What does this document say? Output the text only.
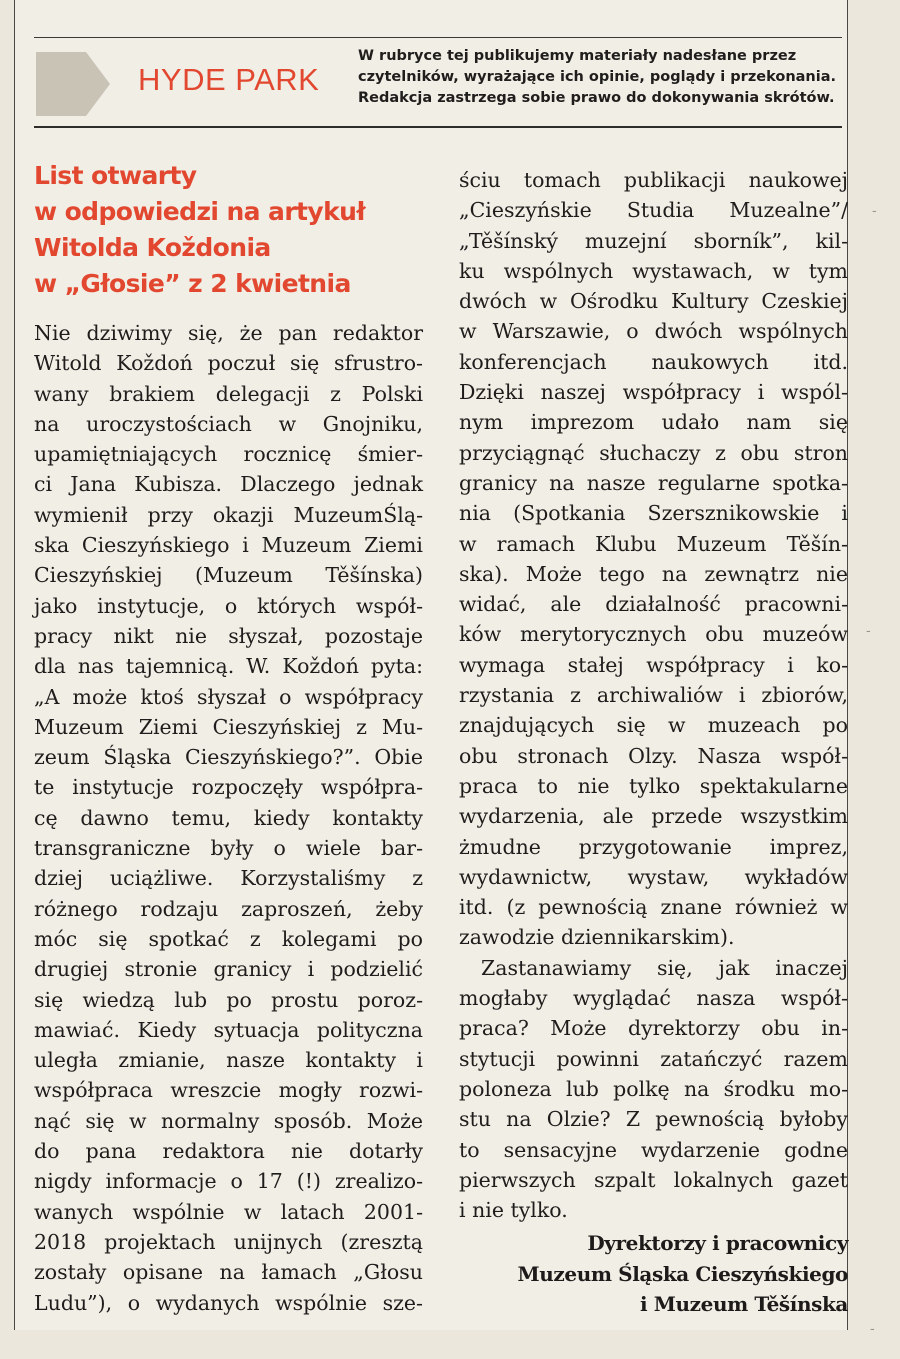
HYDE PARK
W rubryce tej publikujemy materiały nadesłane przez
czytelników, wyrażające ich opinie, poglądy i przekonania.
Redakcja zastrzega sobie prawo do dokonywania skrótów.
List otwarty
w odpowiedzi na artykuł
Witolda Koždonia
w „Głosie” z 2 kwietnia
Nie dziwimy się, że pan redaktor
Witold Koždoń poczuł się sfrustro-
wany brakiem delegacji z Polski
na uroczystościach w Gnojniku,
upamiętniających rocznicę śmier-
ci Jana Kubisza. Dlaczego jednak
wymienił przy okazji MuzeumŚlą-
ska Cieszyńskiego i Muzeum Ziemi
Cieszyńskiej (Muzeum Těšínska)
jako instytucje, o których współ-
pracy nikt nie słyszał, pozostaje
dla nas tajemnicą. W. Koždoń pyta:
„A może ktoś słyszał o współpracy
Muzeum Ziemi Cieszyńskiej z Mu-
zeum Śląska Cieszyńskiego?”. Obie
te instytucje rozpoczęły współpra-
cę dawno temu, kiedy kontakty
transgraniczne były o wiele bar-
dziej uciążliwe. Korzystaliśmy z
różnego rodzaju zaproszeń, żeby
móc się spotkać z kolegami po
drugiej stronie granicy i podzielić
się wiedzą lub po prostu poroz-
mawiać. Kiedy sytuacja polityczna
uległa zmianie, nasze kontakty i
współpraca wreszcie mogły rozwi-
nąć się w normalny sposób. Może
do pana redaktora nie dotarły
nigdy informacje o 17 (!) zrealizo-
wanych wspólnie w latach 2001-
2018 projektach unijnych (zresztą
zostały opisane na łamach „Głosu
Ludu”), o wydanych wspólnie sze-
ściu tomach publikacji naukowej
„Cieszyńskie Studia Muzealne”/
„Těšínský muzejní sborník”, kil-
ku wspólnych wystawach, w tym
dwóch w Ośrodku Kultury Czeskiej
w Warszawie, o dwóch wspólnych
konferencjach naukowych itd.
Dzięki naszej współpracy i wspól-
nym imprezom udało nam się
przyciągnąć słuchaczy z obu stron
granicy na nasze regularne spotka-
nia (Spotkania Szersznikowskie i
w ramach Klubu Muzeum Těšín-
ska). Może tego na zewnątrz nie
widać, ale działalność pracowni-
ków merytorycznych obu muzeów
wymaga stałej współpracy i ko-
rzystania z archiwaliów i zbiorów,
znajdujących się w muzeach po
obu stronach Olzy. Nasza współ-
praca to nie tylko spektakularne
wydarzenia, ale przede wszystkim
żmudne przygotowanie imprez,
wydawnictw, wystaw, wykładów
itd. (z pewnością znane również w
zawodzie dziennikarskim).
Zastanawiamy się, jak inaczej
mogłaby wyglądać nasza współ-
praca? Może dyrektorzy obu in-
stytucji powinni zatańczyć razem
poloneza lub polkę na środku mo-
stu na Olzie? Z pewnością byłoby
to sensacyjne wydarzenie godne
pierwszych szpalt lokalnych gazet
i nie tylko.
Dyrektorzy i pracownicy
Muzeum Śląska Cieszyńskiego
i Muzeum Těšínska
-
-
-
